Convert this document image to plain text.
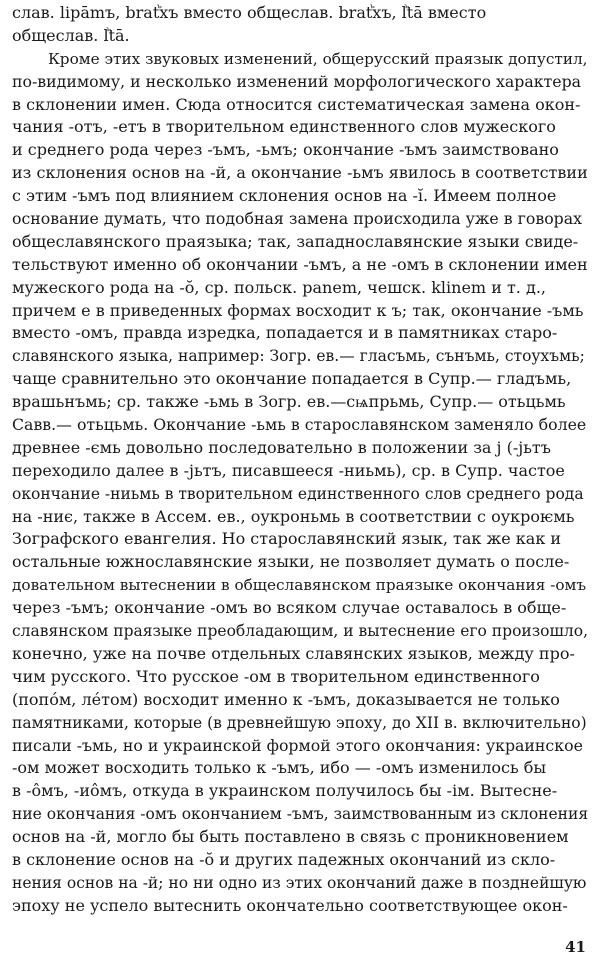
слав. lipāmъ, bratꙸхъ вместо общеслав. bratꙸхъ, lꙸtā вместо
общеслав. lꙸtā.
Кроме этих звуковых изменений, общерусский праязык допустил,
по-видимому, и несколько изменений морфологического характера
в склонении имен. Сюда относится систематическая замена окон-
чания -отъ, -етъ в творительном единственного слов мужеского
и среднего рода через -ъмъ, -ьмъ; окончание -ъмъ заимствовано
из склонения основ на -й, а окончание -ьмъ явилось в соответствии
с этим -ъмъ под влиянием склонения основ на -ĭ. Имеем полное
основание думать, что подобная замена происходила уже в говорах
общеславянского праязыка; так, западнославянские языки свиде-
тельствуют именно об окончании -ъмъ, а не -омъ в склонении имен
мужеского рода на -ŏ, ср. польск. panem, чешск. klinem и т. д.,
причем е в приведенных формах восходит к ъ; так, окончание -ъмь
вместо -омъ, правда изредка, попадается и в памятниках старо-
славянского языка, например: Зогр. ев.— гласъмь, сънъмь, стоухъмь;
чаще сравнительно это окончание попадается в Супр.— гладъмь,
врашьнъмь; ср. также -ьмь в Зогр. ев.—сѩпрьмь, Супр.— отьцьмь
Савв.— отьцьмь. Окончание -ьмь в старославянском заменяло более
древнее -ємь довольно последовательно в положении за j (-jьтъ
переходило далее в -jьтъ, писавшееся -ниьмь), ср. в Супр. частое
окончание -ниьмь в творительном единственного слов среднего рода
на -ниє, также в Ассем. ев., оукроньмь в соответствии с оукроѥмь
Зографского евангелия. Но старославянский язык, так же как и
остальные южнославянские языки, не позволяет думать о после-
довательном вытеснении в общеславянском праязыке окончания -омъ
через -ъмъ; окончание -омъ во всяком случае оставалось в обще-
славянском праязыке преобладающим, и вытеснение его произошло,
конечно, уже на почве отдельных славянских языков, между про-
чим русского. Что русское -ом в творительном единственного
(попо́м, ле́том) восходит именно к -ъмъ, доказывается не только
памятниками, которые (в древнейшую эпоху, до XII в. включительно)
писали -ъмь, но и украинской формой этого окончания: украинское
-ом может восходить только к -ъмъ, ибо — -омъ изменилось бы
в -о̂мъ, -ио̂мъ, откуда в украинском получилось бы -ім. Вытесне-
ние окончания -омъ окончанием -ъмъ, заимствованным из склонения
основ на -й, могло бы быть поставлено в связь с проникновением
в склонение основ на -ŏ и других падежных окончаний из скло-
нения основ на -й; но ни одно из этих окончаний даже в позднейшую
эпоху не успело вытеснить окончательно соответствующее окон-
41
